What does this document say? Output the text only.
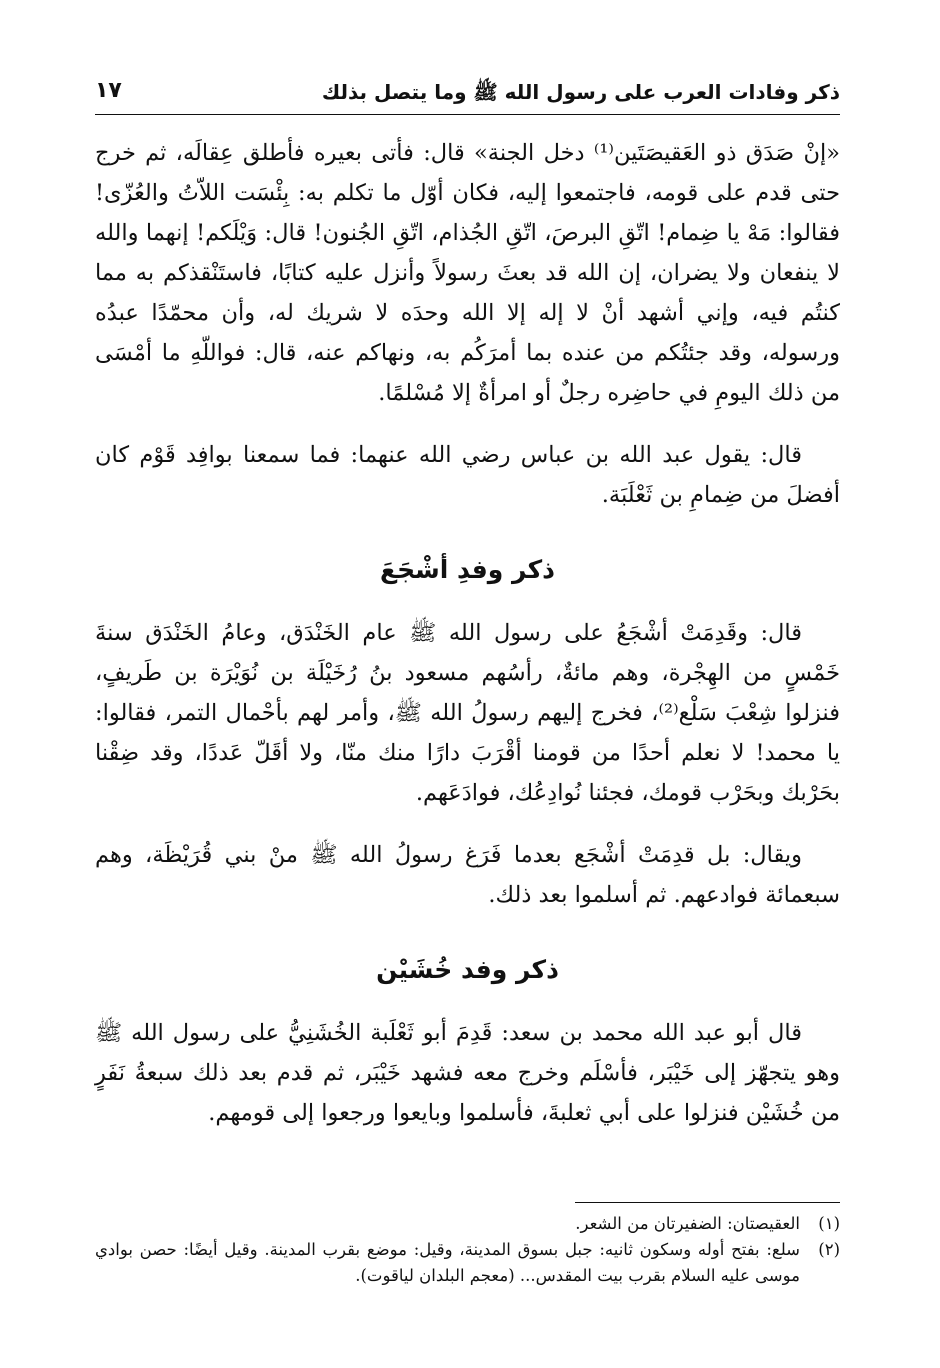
ذكر وفادات العرب على رسول الله ﷺ وما يتصل بذلك
١٧

«إنْ صَدَق ذو العَقيصَتَين⁽¹⁾ دخل الجنة» قال: فأتى بعيره فأطلق عِقالَه، ثم خرج حتى قدم على قومه، فاجتمعوا إليه، فكان أوّل ما تكلم به: بِئْسَت اللاّتُ والعُزّى! فقالوا: مَهْ يا ضِمام! اتّقِ البرصَ، اتّقِ الجُذام، اتّقِ الجُنون! قال: وَيْلَكم! إنهما والله لا ينفعان ولا يضران، إن الله قد بعثَ رسولاً وأنزل عليه كتابًا، فاستَنْقذكم به مما كنتُم فيه، وإني أشهد أنْ لا إله إلا الله وحدَه لا شريك له، وأن محمّدًا عبدُه ورسوله، وقد جئتُكم من عنده بما أمرَكُم به، ونهاكم عنه، قال: فواللّهِ ما أمْسَى من ذلك اليومِ في حاضِره رجلٌ أو امرأةٌ إلا مُسْلمًا.

قال: يقول عبد الله بن عباس رضي الله عنهما: فما سمعنا بوافِد قَوْم كان أفضلَ من ضِمامِ بن ثَعْلَبَة.

ذكر وفدِ أشْجَعَ

قال: وقَدِمَتْ أشْجَعُ على رسول الله ﷺ عام الخَنْدَق، وعامُ الخَنْدَق سنةَ خَمْسٍ من الهِجْرة، وهم مائةٌ، رأسُهم مسعود بنُ رُخَيْلَة بن نُوَيْرَة بن طَريفٍ، فنزلوا شِعْبَ سَلْع⁽²⁾، فخرج إليهم رسولُ الله ﷺ، وأمر لهم بأحْمال التمر، فقالوا: يا محمد! لا نعلم أحدًا من قومنا أقْرَبَ دارًا منك منّا، ولا أقَلّ عَددًا، وقد ضِقْنا بحَرْبك وبحَرْب قومك، فجئنا نُوادِعُك، فوادَعَهم.

ويقال: بل قدِمَتْ أشْجَع بعدما فَرَغ رسولُ الله ﷺ منْ بني قُرَيْظَة، وهم سبعمائة فوادعهم. ثم أسلموا بعد ذلك.

ذكر وفد خُشَيْن

قال أبو عبد الله محمد بن سعد: قَدِمَ أبو ثَعْلَبة الخُشَنِيُّ على رسول الله ﷺ وهو يتجهّز إلى خَيْبَر، فأسْلَم وخرج معه فشهد خَيْبَر، ثم قدم بعد ذلك سبعةُ نَفَرٍ من خُشَيْن فنزلوا على أبي ثعلبةَ، فأسلموا وبايعوا ورجعوا إلى قومهم.

(١)
العقيصتان: الضفيرتان من الشعر.
(٢)
سلع: بفتح أوله وسكون ثانيه: جبل بسوق المدينة، وقيل: موضع بقرب المدينة. وقيل أيضًا: حصن بوادي موسى عليه السلام بقرب بيت المقدس... (معجم البلدان لياقوت).
